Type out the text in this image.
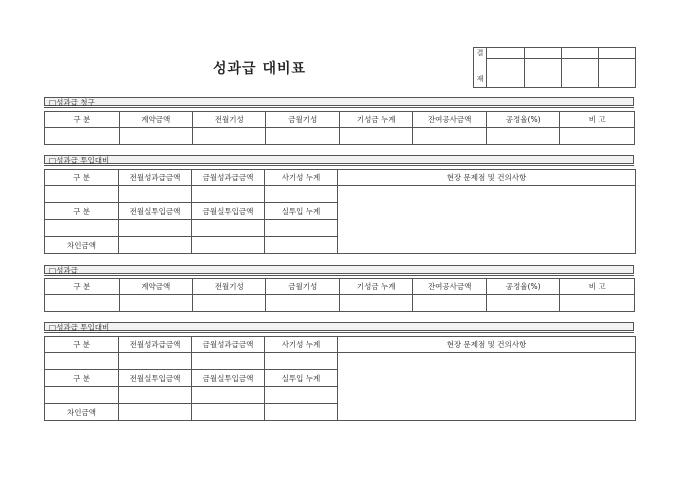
성과급 대비표
결				
재				
□성과급 청구
구 분	계약금액	전월기성	금월기성	기성금 누계	잔여공사금액	공정율(%)	비 고

□성과급 투입대비
구 분	전월성과급금액	금월성과급금액	사기성 누계	현장 문제점 및 건의사항

구 분	전월실투입금액	금월실투입금액	실투입 누계	

차인금액				
□성과급
구 분	계약금액	전월기성	금월기성	기성금 누계	잔여공사금액	공정율(%)	비 고

□성과급 투입대비
구 분	전월성과급금액	금월성과급금액	사기성 누계	현장 문제점 및 건의사항

구 분	전월실투입금액	금월실투입금액	실투입 누계	

차인금액				
